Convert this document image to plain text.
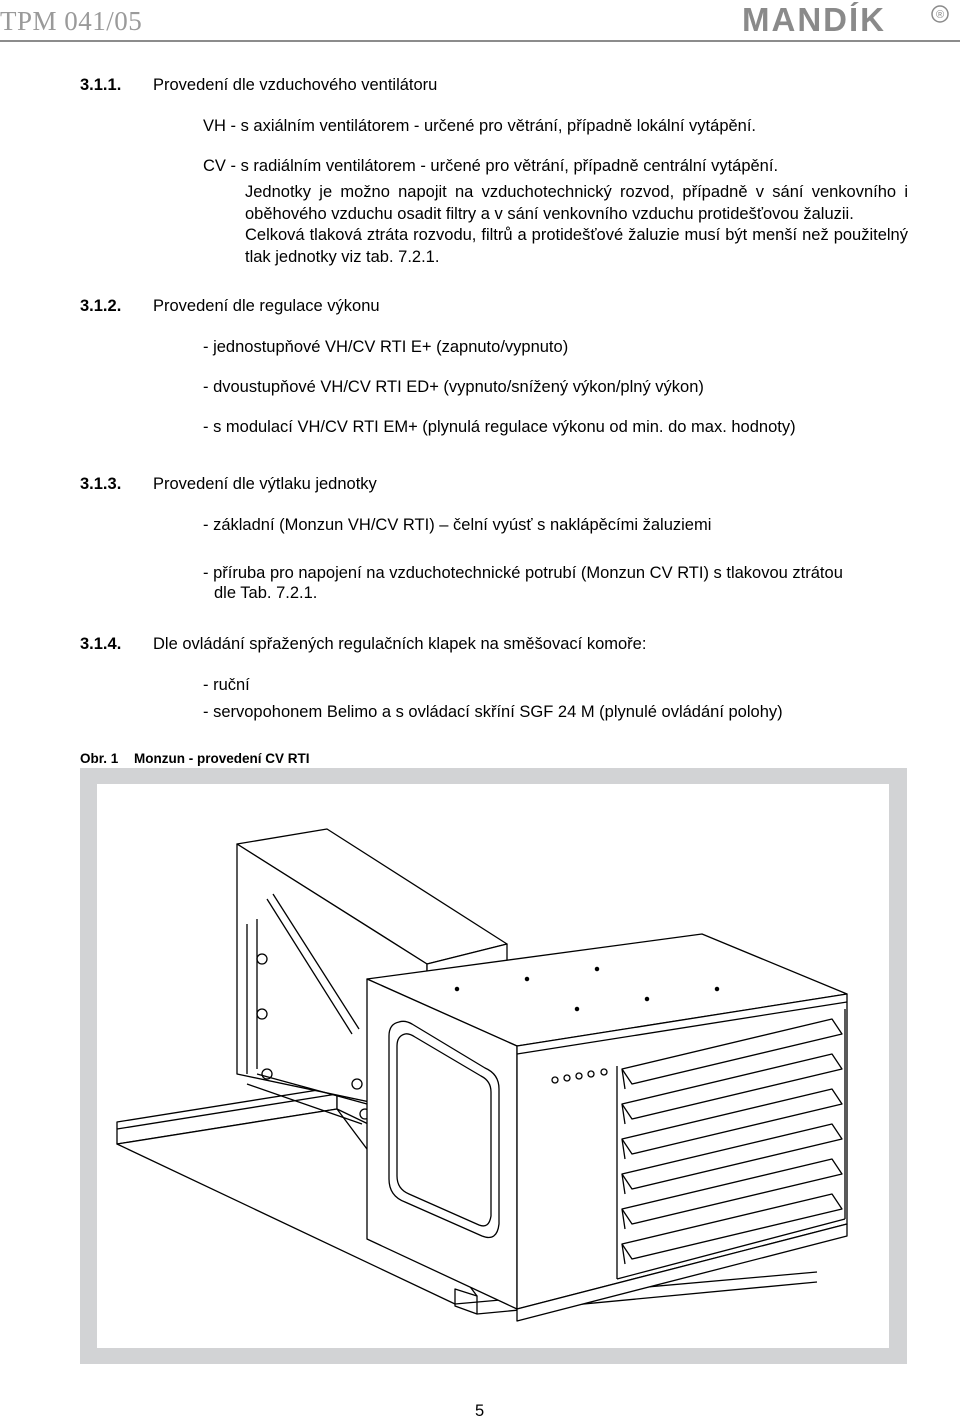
TPM 041/05	MANDÍK	®
3.1.1. Provedení dle vzduchového ventilátoru
VH - s axiálním ventilátorem - určené pro větrání, případně lokální vytápění.
CV - s radiálním ventilátorem - určené pro větrání, případně centrální vytápění.
Jednotky je možno napojit na vzduchotechnický rozvod, případně v sání venkovního i oběhového vzduchu osadit filtry a v sání venkovního vzduchu protidešťovou žaluzii.
Celková tlaková ztráta rozvodu, filtrů a protidešťové žaluzie musí být menší než použitelný tlak jednotky viz tab. 7.2.1.
3.1.2. Provedení dle regulace výkonu
- jednostupňové VH/CV RTI E+ (zapnuto/vypnuto)
- dvoustupňové VH/CV RTI ED+ (vypnuto/snížený výkon/plný výkon)
- s modulací VH/CV RTI EM+ (plynulá regulace výkonu od min. do max. hodnoty)
3.1.3. Provedení dle výtlaku jednotky
- základní (Monzun VH/CV RTI) – čelní vyúsť s naklápěcími žaluziemi
- příruba pro napojení na vzduchotechnické potrubí (Monzun CV RTI) s tlakovou ztrátou
dle Tab. 7.2.1.
3.1.4. Dle ovládání spřažených regulačních klapek na směšovací komoře:
- ruční
- servopohonem Belimo a s ovládací skříní SGF 24 M (plynulé ovládání polohy)
Obr. 1 Monzun - provedení CV RTI
5
